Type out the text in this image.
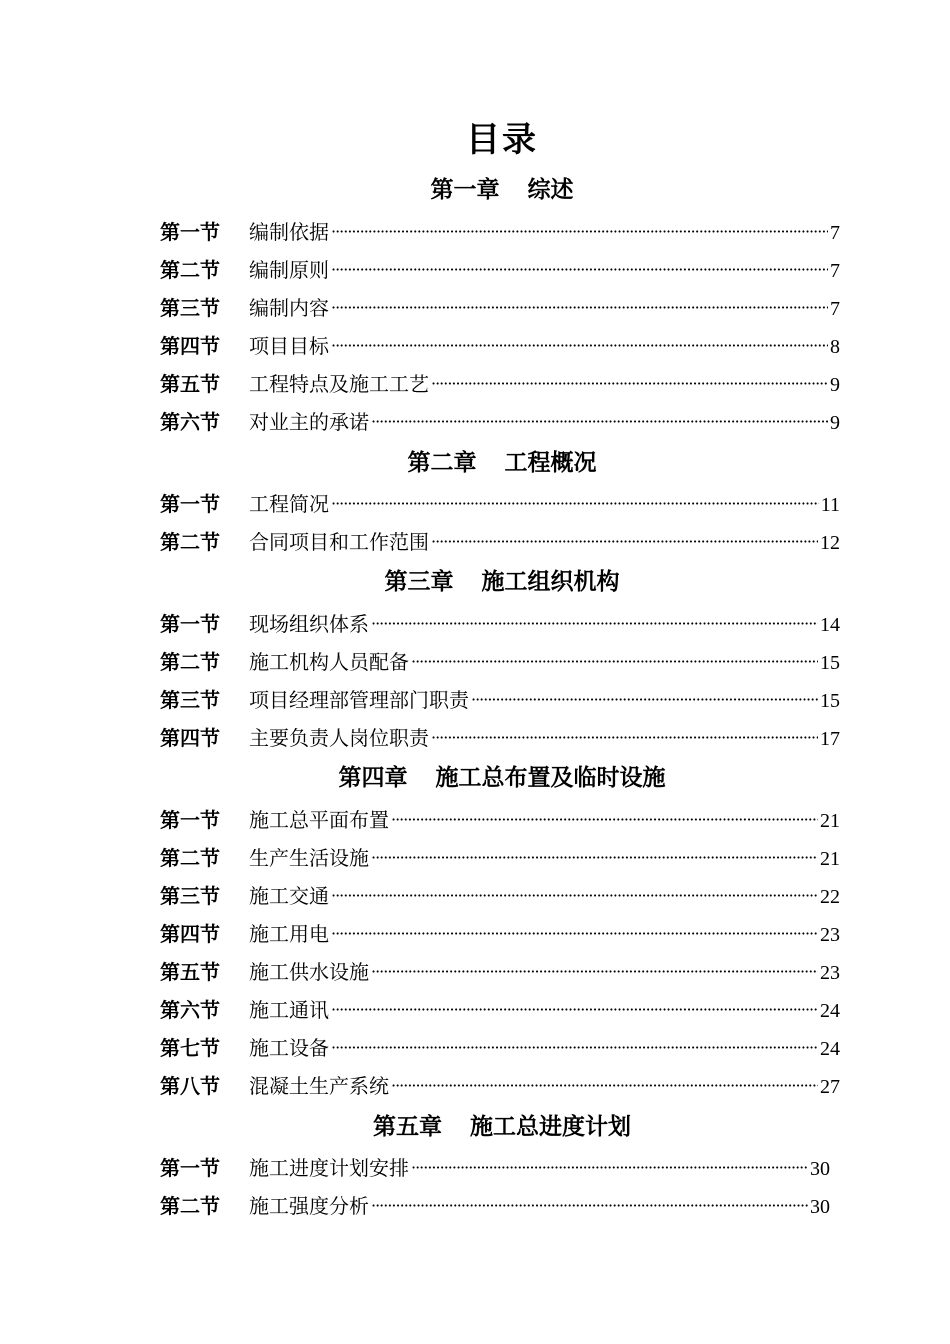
目录
第一章 综述
第一节	编制依据 ·····	7
第二节	编制原则 ·····	7
第三节	编制内容 ·····	7
第四节	项目目标 ·····	8
第五节	工程特点及施工工艺 ·····	9
第六节	对业主的承诺 ·····	9
第二章 工程概况
第一节	工程简况 ·····	11
第二节	合同项目和工作范围 ·····	12
第三章 施工组织机构
第一节	现场组织体系 ·····	14
第二节	施工机构人员配备 ·····	15
第三节	项目经理部管理部门职责 ·····	15
第四节	主要负责人岗位职责 ·····	17
第四章 施工总布置及临时设施
第一节	施工总平面布置 ·····	21
第二节	生产生活设施 ·····	21
第三节	施工交通 ·····	22
第四节	施工用电 ·····	23
第五节	施工供水设施 ·····	23
第六节	施工通讯 ·····	24
第七节	施工设备 ·····	24
第八节	混凝土生产系统 ·····	27
第五章 施工总进度计划
第一节	施工进度计划安排 ·····	30
第二节	施工强度分析 ·····	30
